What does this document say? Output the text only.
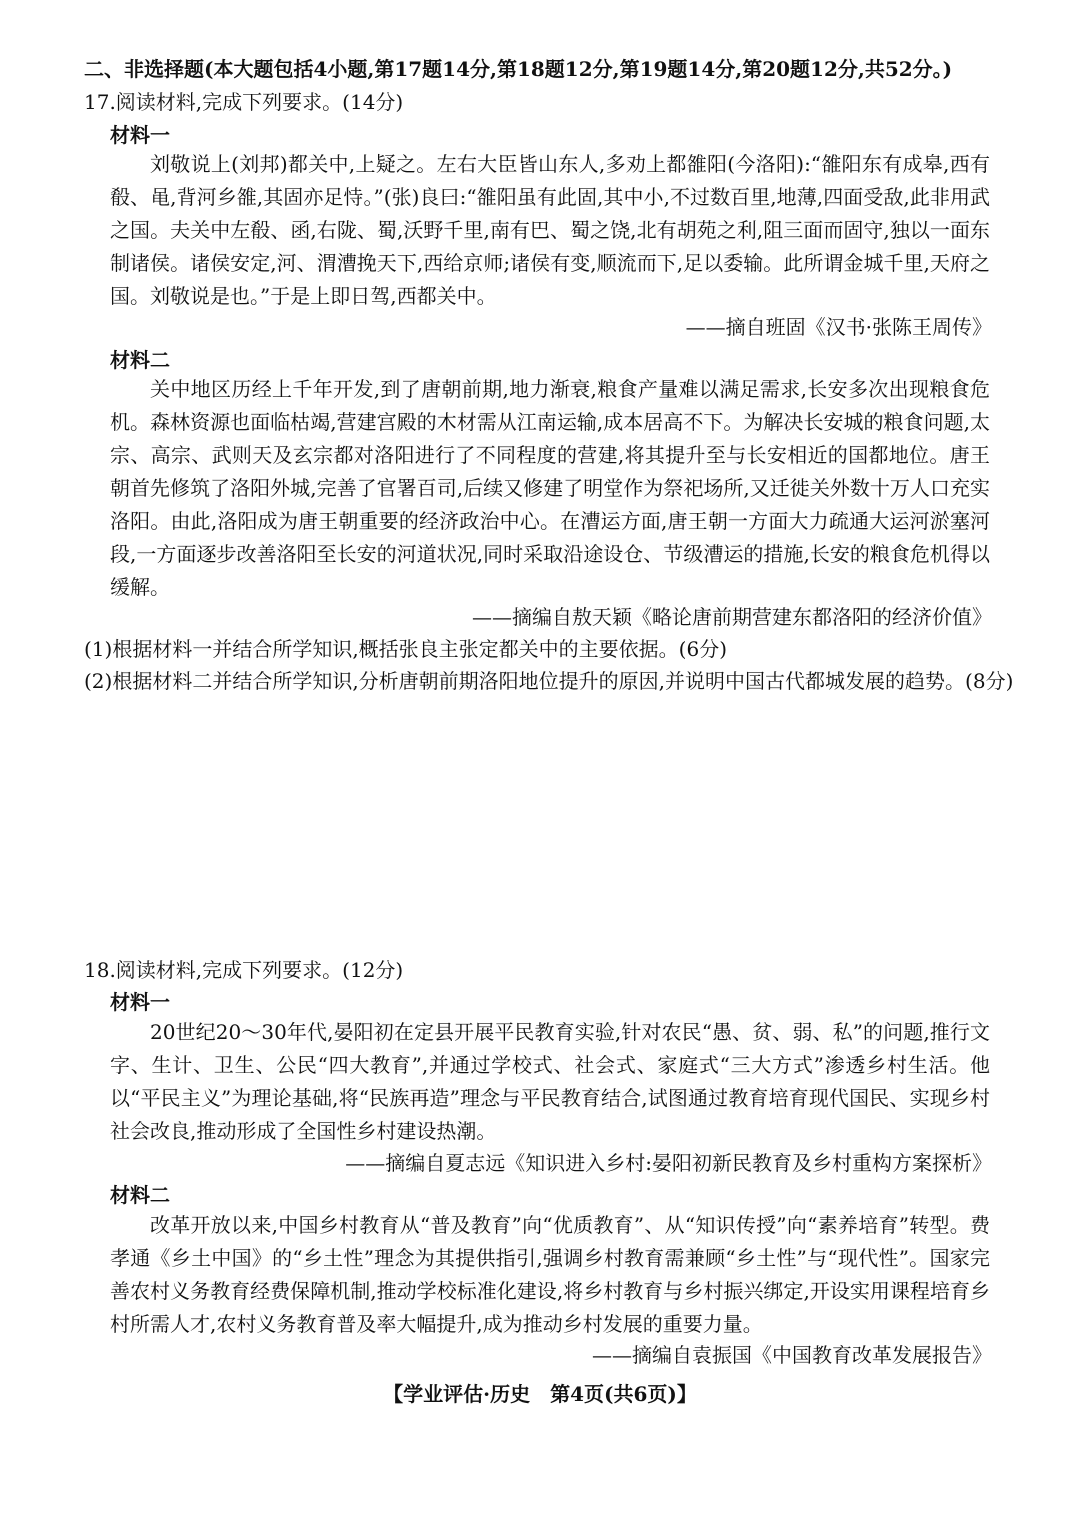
二、非选择题(本大题包括4小题,第17题14分,第18题12分,第19题14分,第20题12分,共52分。)
17.阅读材料,完成下列要求。(14分)
材料一

刘敬说上(刘邦)都关中,上疑之。左右大臣皆山东人,多劝上都雒阳(今洛阳):“雒阳东有成皋,西有殽、黾,背河乡雒,其固亦足恃。”(张)良曰:“雒阳虽有此固,其中小,不过数百里,地薄,四面受敌,此非用武之国。夫关中左殽、函,右陇、蜀,沃野千里,南有巴、蜀之饶,北有胡苑之利,阻三面而固守,独以一面东制诸侯。诸侯安定,河、渭漕挽天下,西给京师;诸侯有变,顺流而下,足以委输。此所谓金城千里,天府之国。刘敬说是也。”于是上即日驾,西都关中。

——摘自班固《汉书·张陈王周传》
材料二

关中地区历经上千年开发,到了唐朝前期,地力渐衰,粮食产量难以满足需求,长安多次出现粮食危机。森林资源也面临枯竭,营建宫殿的木材需从江南运输,成本居高不下。为解决长安城的粮食问题,太宗、高宗、武则天及玄宗都对洛阳进行了不同程度的营建,将其提升至与长安相近的国都地位。唐王朝首先修筑了洛阳外城,完善了官署百司,后续又修建了明堂作为祭祀场所,又迁徙关外数十万人口充实洛阳。由此,洛阳成为唐王朝重要的经济政治中心。在漕运方面,唐王朝一方面大力疏通大运河淤塞河段,一方面逐步改善洛阳至长安的河道状况,同时采取沿途设仓、节级漕运的措施,长安的粮食危机得以缓解。

——摘编自敖天颖《略论唐前期营建东都洛阳的经济价值》

(1)根据材料一并结合所学知识,概括张良主张定都关中的主要依据。(6分)

(2)根据材料二并结合所学知识,分析唐朝前期洛阳地位提升的原因,并说明中国古代都城发展的趋势。(8分)

18.阅读材料,完成下列要求。(12分)
材料一

20世纪20～30年代,晏阳初在定县开展平民教育实验,针对农民“愚、贫、弱、私”的问题,推行文字、生计、卫生、公民“四大教育”,并通过学校式、社会式、家庭式“三大方式”渗透乡村生活。他以“平民主义”为理论基础,将“民族再造”理念与平民教育结合,试图通过教育培育现代国民、实现乡村社会改良,推动形成了全国性乡村建设热潮。

——摘编自夏志远《知识进入乡村:晏阳初新民教育及乡村重构方案探析》
材料二

改革开放以来,中国乡村教育从“普及教育”向“优质教育”、从“知识传授”向“素养培育”转型。费孝通《乡土中国》的“乡土性”理念为其提供指引,强调乡村教育需兼顾“乡土性”与“现代性”。国家完善农村义务教育经费保障机制,推动学校标准化建设,将乡村教育与乡村振兴绑定,开设实用课程培育乡村所需人才,农村义务教育普及率大幅提升,成为推动乡村发展的重要力量。

——摘编自袁振国《中国教育改革发展报告》
【学业评估·历史　第4页(共6页)】
